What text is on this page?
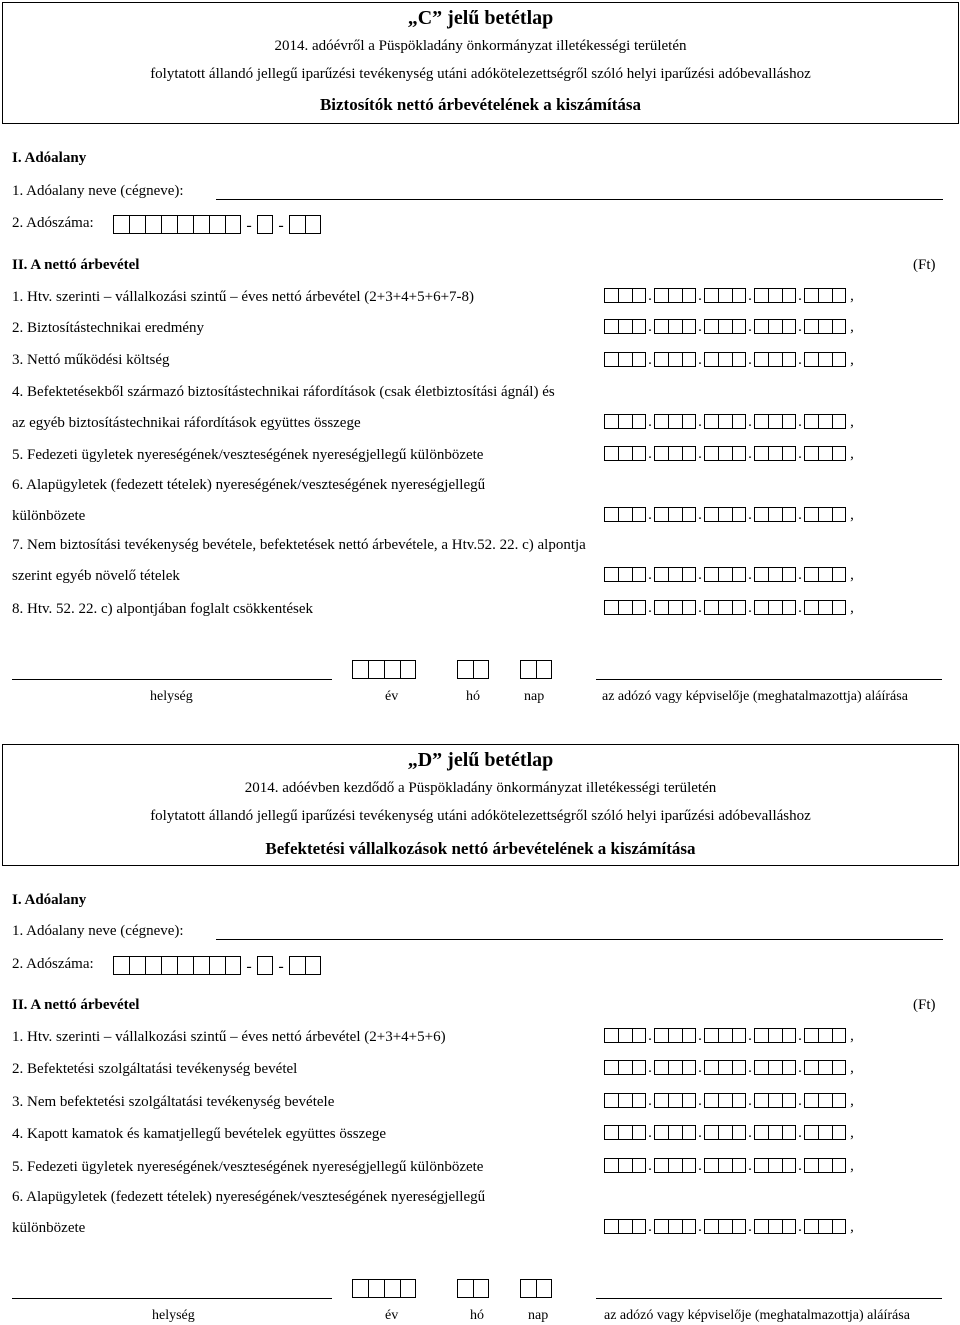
„C” jelű betétlap
2014. adóévről a Püspökladány önkormányzat illetékességi területén
folytatott állandó jellegű iparűzési tevékenység utáni adókötelezettségről szóló helyi iparűzési adóbevalláshoz
Biztosítók nettó árbevételének a kiszámítása
I. Adóalany
1. Adóalany neve (cégneve):
2. Adószáma:	-	-
II. A nettó árbevétel	(Ft)
1. Htv. szerinti – vállalkozási szintű – éves nettó árbevétel (2+3+4+5+6+7-8)	.	.	.	.	,
2. Biztosítástechnikai eredmény	.	.	.	.	,
3. Nettó működési költség	.	.	.	.	,
4. Befektetésekből származó biztosítástechnikai ráfordítások (csak életbiztosítási ágnál) és
az egyéb biztosítástechnikai ráfordítások együttes összege	.	.	.	.	,
5. Fedezeti ügyletek nyereségének/veszteségének nyereségjellegű különbözete	.	.	.	.	,
6. Alapügyletek (fedezett tételek) nyereségének/veszteségének nyereségjellegű
különbözete	.	.	.	.	,
7. Nem biztosítási tevékenység bevétele, befektetések nettó árbevétele, a Htv.52. 22. c) alpontja
szerint egyéb növelő tételek	.	.	.	.	,
8. Htv. 52. 22. c) alpontjában foglalt csökkentések	.	.	.	.	,
helység	év	hó	nap	az adózó vagy képviselője (meghatalmazottja) aláírása
„D” jelű betétlap
2014. adóévben kezdődő a Püspökladány önkormányzat illetékességi területén
folytatott állandó jellegű iparűzési tevékenység utáni adókötelezettségről szóló helyi iparűzési adóbevalláshoz
Befektetési vállalkozások nettó árbevételének a kiszámítása
I. Adóalany
1. Adóalany neve (cégneve):
2. Adószáma:	-	-
II. A nettó árbevétel	(Ft)
1. Htv. szerinti – vállalkozási szintű – éves nettó árbevétel (2+3+4+5+6)	.	.	.	.	,
2. Befektetési szolgáltatási tevékenység bevétel	.	.	.	.	,
3. Nem befektetési szolgáltatási tevékenység bevétele	.	.	.	.	,
4. Kapott kamatok és kamatjellegű bevételek együttes összege	.	.	.	.	,
5. Fedezeti ügyletek nyereségének/veszteségének nyereségjellegű különbözete	.	.	.	.	,
6. Alapügyletek (fedezett tételek) nyereségének/veszteségének nyereségjellegű
különbözete	.	.	.	.	,
helység	év	hó	nap	az adózó vagy képviselője (meghatalmazottja) aláírása
